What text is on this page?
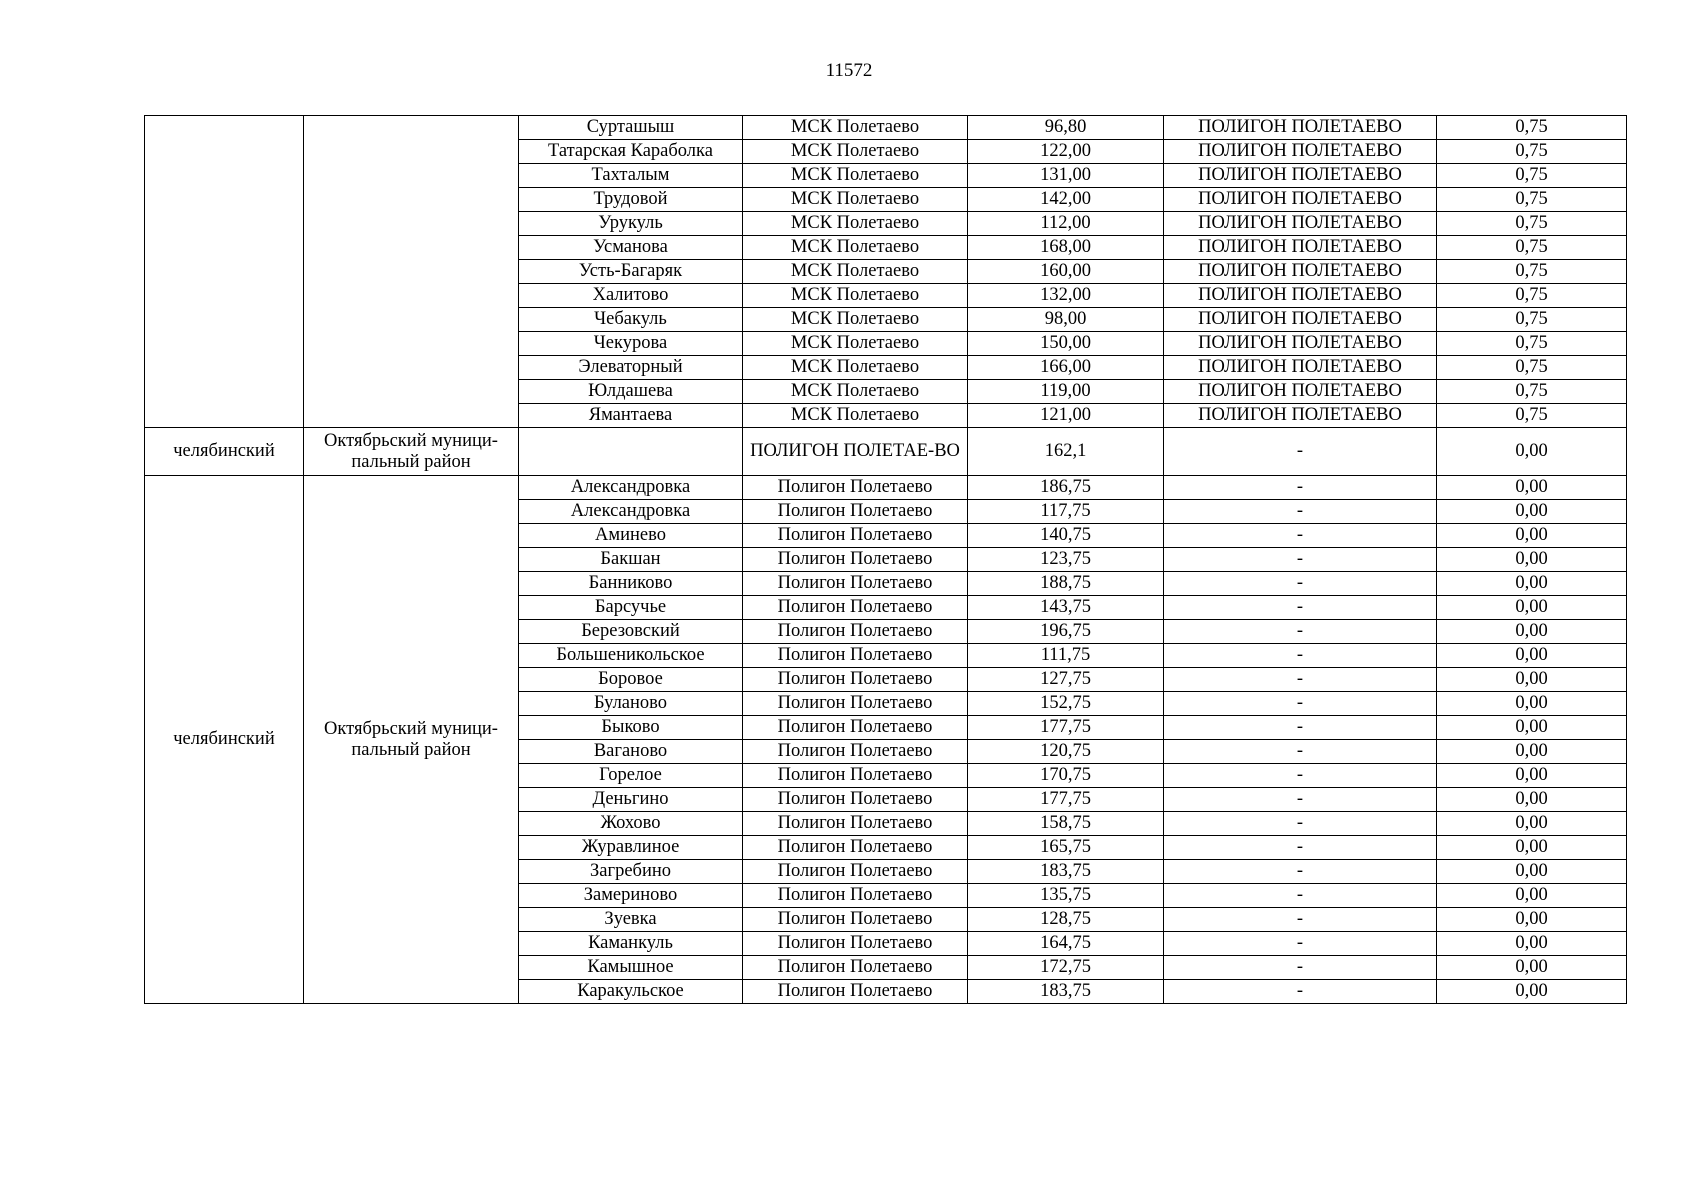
11572
		Сурташыш	МСК Полетаево	96,80	ПОЛИГОН ПОЛЕТАЕВО	0,75
		Татарская Караболка	МСК Полетаево	122,00	ПОЛИГОН ПОЛЕТАЕВО	0,75
		Тахталым	МСК Полетаево	131,00	ПОЛИГОН ПОЛЕТАЕВО	0,75
		Трудовой	МСК Полетаево	142,00	ПОЛИГОН ПОЛЕТАЕВО	0,75
		Урукуль	МСК Полетаево	112,00	ПОЛИГОН ПОЛЕТАЕВО	0,75
		Усманова	МСК Полетаево	168,00	ПОЛИГОН ПОЛЕТАЕВО	0,75
		Усть-Багаряк	МСК Полетаево	160,00	ПОЛИГОН ПОЛЕТАЕВО	0,75
		Халитово	МСК Полетаево	132,00	ПОЛИГОН ПОЛЕТАЕВО	0,75
		Чебакуль	МСК Полетаево	98,00	ПОЛИГОН ПОЛЕТАЕВО	0,75
		Чекурова	МСК Полетаево	150,00	ПОЛИГОН ПОЛЕТАЕВО	0,75
		Элеваторный	МСК Полетаево	166,00	ПОЛИГОН ПОЛЕТАЕВО	0,75
		Юлдашева	МСК Полетаево	119,00	ПОЛИГОН ПОЛЕТАЕВО	0,75
		Ямантаева	МСК Полетаево	121,00	ПОЛИГОН ПОЛЕТАЕВО	0,75
челябинский	Октябрьский муници-пальный район		ПОЛИГОН ПОЛЕТАЕ-ВО	162,1	-	0,00
челябинский	Октябрьский муници-пальный район	Александровка	Полигон Полетаево	186,75	-	0,00
		Александровка	Полигон Полетаево	117,75	-	0,00
		Аминево	Полигон Полетаево	140,75	-	0,00
		Бакшан	Полигон Полетаево	123,75	-	0,00
		Банниково	Полигон Полетаево	188,75	-	0,00
		Барсучье	Полигон Полетаево	143,75	-	0,00
		Березовский	Полигон Полетаево	196,75	-	0,00
		Большеникольское	Полигон Полетаево	111,75	-	0,00
		Боровое	Полигон Полетаево	127,75	-	0,00
		Буланово	Полигон Полетаево	152,75	-	0,00
		Быково	Полигон Полетаево	177,75	-	0,00
		Ваганово	Полигон Полетаево	120,75	-	0,00
		Горелое	Полигон Полетаево	170,75	-	0,00
		Деньгино	Полигон Полетаево	177,75	-	0,00
		Жохово	Полигон Полетаево	158,75	-	0,00
		Журавлиное	Полигон Полетаево	165,75	-	0,00
		Загребино	Полигон Полетаево	183,75	-	0,00
		Замериново	Полигон Полетаево	135,75	-	0,00
		Зуевка	Полигон Полетаево	128,75	-	0,00
		Каманкуль	Полигон Полетаево	164,75	-	0,00
		Камышное	Полигон Полетаево	172,75	-	0,00
		Каракульское	Полигон Полетаево	183,75	-	0,00
